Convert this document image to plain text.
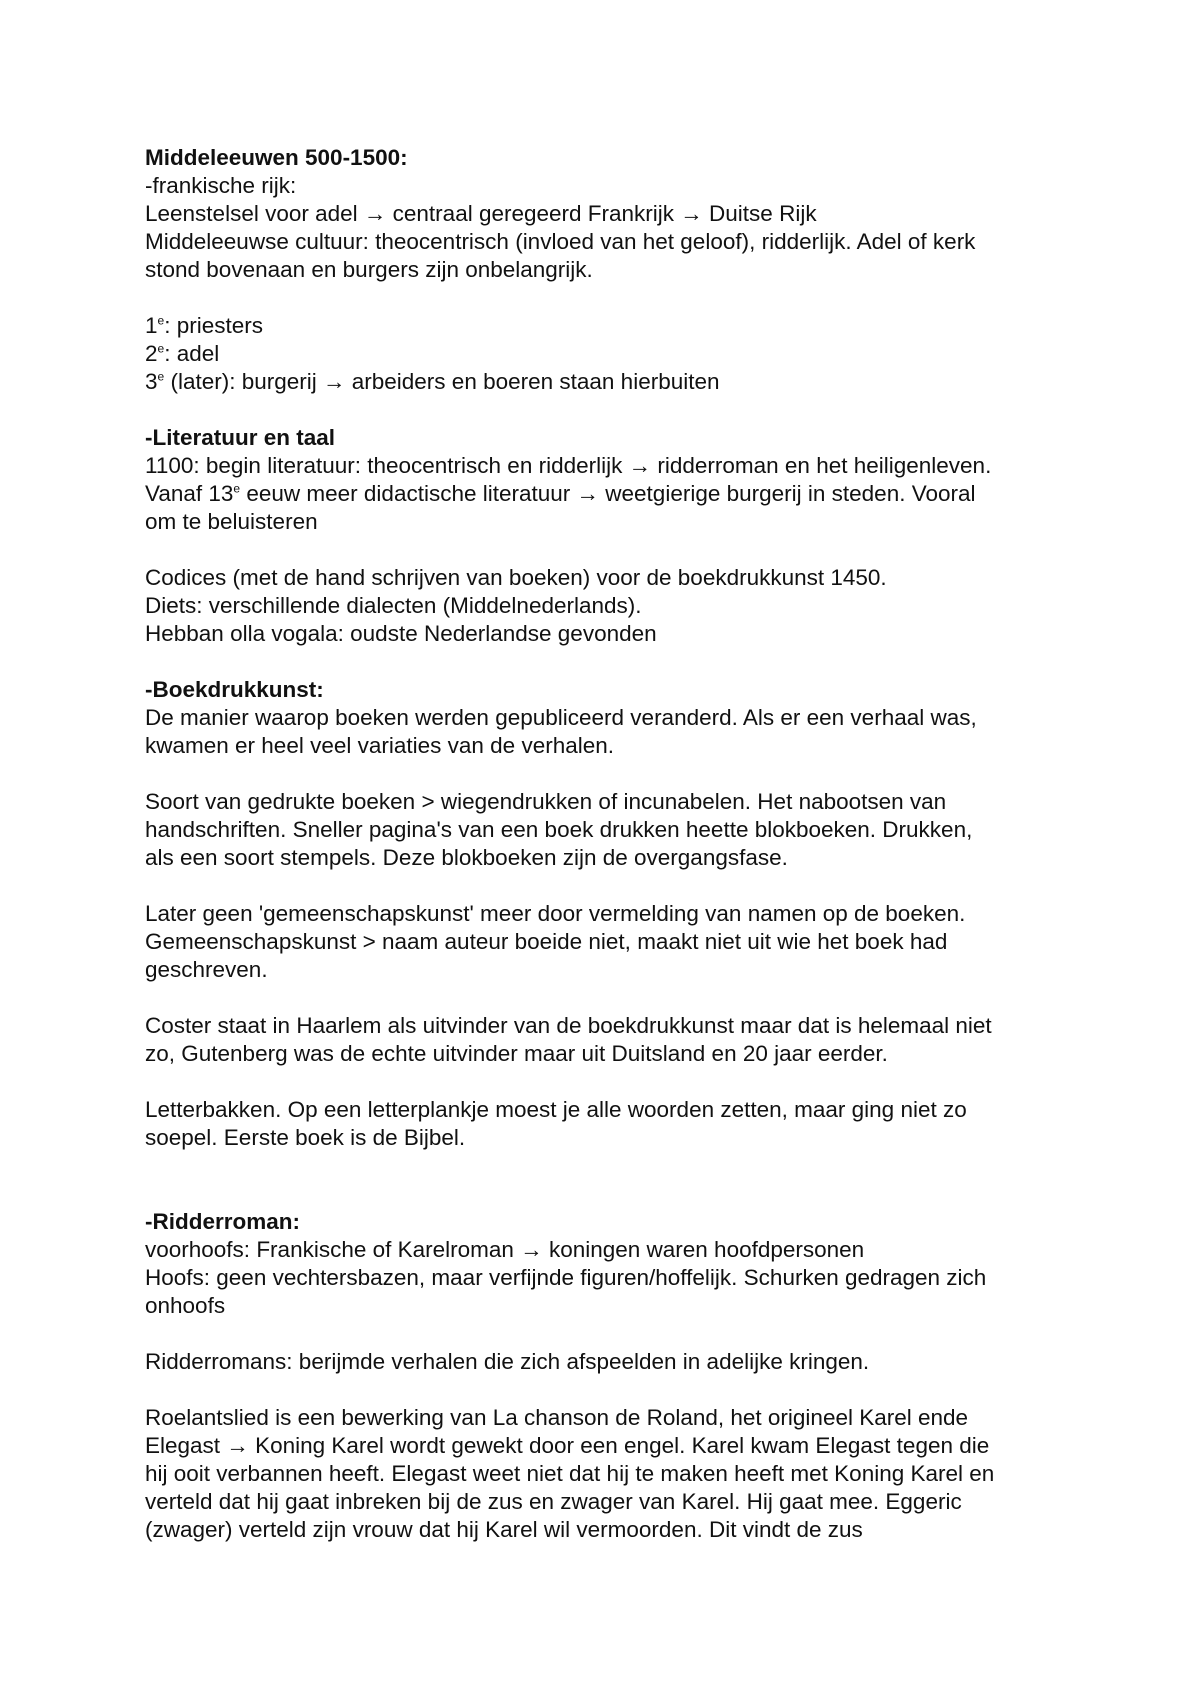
Middeleeuwen 500-1500:
-frankische rijk:
Leenstelsel voor adel → centraal geregeerd Frankrijk → Duitse Rijk
Middeleeuwse cultuur: theocentrisch (invloed van het geloof), ridderlijk. Adel of kerk
stond bovenaan en burgers zijn onbelangrijk.
1e: priesters
2e: adel
3e (later): burgerij → arbeiders en boeren staan hierbuiten
-Literatuur en taal
1100: begin literatuur: theocentrisch en ridderlijk → ridderroman en het heiligenleven.
Vanaf 13e eeuw meer didactische literatuur → weetgierige burgerij in steden. Vooral
om te beluisteren
Codices (met de hand schrijven van boeken) voor de boekdrukkunst 1450.
Diets: verschillende dialecten (Middelnederlands).
Hebban olla vogala: oudste Nederlandse gevonden
-Boekdrukkunst:
De manier waarop boeken werden gepubliceerd veranderd. Als er een verhaal was,
kwamen er heel veel variaties van de verhalen.
Soort van gedrukte boeken > wiegendrukken of incunabelen. Het nabootsen van
handschriften. Sneller pagina's van een boek drukken heette blokboeken. Drukken,
als een soort stempels. Deze blokboeken zijn de overgangsfase.
Later geen 'gemeenschapskunst' meer door vermelding van namen op de boeken.
Gemeenschapskunst > naam auteur boeide niet, maakt niet uit wie het boek had
geschreven.
Coster staat in Haarlem als uitvinder van de boekdrukkunst maar dat is helemaal niet
zo, Gutenberg was de echte uitvinder maar uit Duitsland en 20 jaar eerder.
Letterbakken. Op een letterplankje moest je alle woorden zetten, maar ging niet zo
soepel. Eerste boek is de Bijbel.
-Ridderroman:
voorhoofs: Frankische of Karelroman → koningen waren hoofdpersonen
Hoofs: geen vechtersbazen, maar verfijnde figuren/hoffelijk. Schurken gedragen zich
onhoofs
Ridderromans: berijmde verhalen die zich afspeelden in adelijke kringen.
Roelantslied is een bewerking van La chanson de Roland, het origineel Karel ende
Elegast → Koning Karel wordt gewekt door een engel. Karel kwam Elegast tegen die
hij ooit verbannen heeft. Elegast weet niet dat hij te maken heeft met Koning Karel en
verteld dat hij gaat inbreken bij de zus en zwager van Karel. Hij gaat mee. Eggeric
(zwager) verteld zijn vrouw dat hij Karel wil vermoorden. Dit vindt de zus
